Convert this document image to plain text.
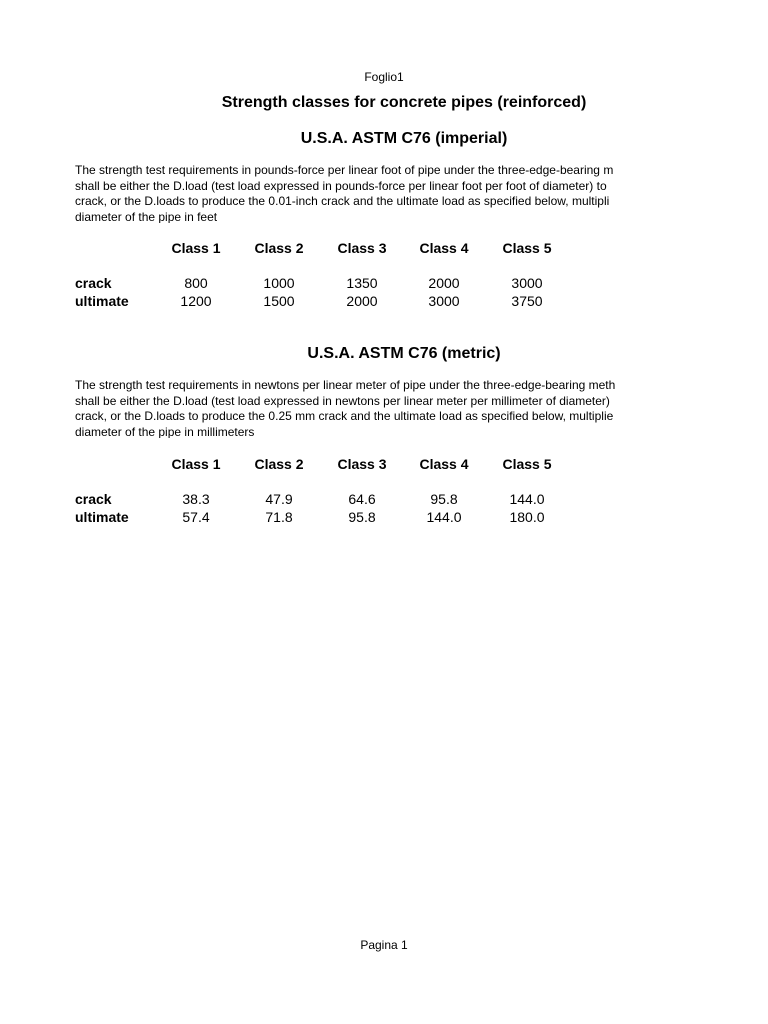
Foglio1
Strength classes for concrete pipes (reinforced)
U.S.A. ASTM C76 (imperial)
The strength test requirements in pounds-force per linear foot of pipe under the three-edge-bearing m
shall be either the D.load (test load expressed in pounds-force per linear foot per foot of diameter) to
crack, or the D.loads to produce the 0.01-inch crack and the ultimate load as specified below, multipli
diameter of the pipe in feet
Class 1	Class 2	Class 3	Class 4	Class 5
crack	800	1000	1350	2000	3000
ultimate	1200	1500	2000	3000	3750
U.S.A. ASTM C76 (metric)
The strength test requirements in newtons per linear meter of pipe under the three-edge-bearing meth
shall be either the D.load (test load expressed in newtons per linear meter per millimeter of diameter)
crack, or the D.loads to produce the 0.25 mm crack and the ultimate load as specified below, multiplie
diameter of the pipe in millimeters
Class 1	Class 2	Class 3	Class 4	Class 5
crack	38.3	47.9	64.6	95.8	144.0
ultimate	57.4	71.8	95.8	144.0	180.0
Pagina 1
